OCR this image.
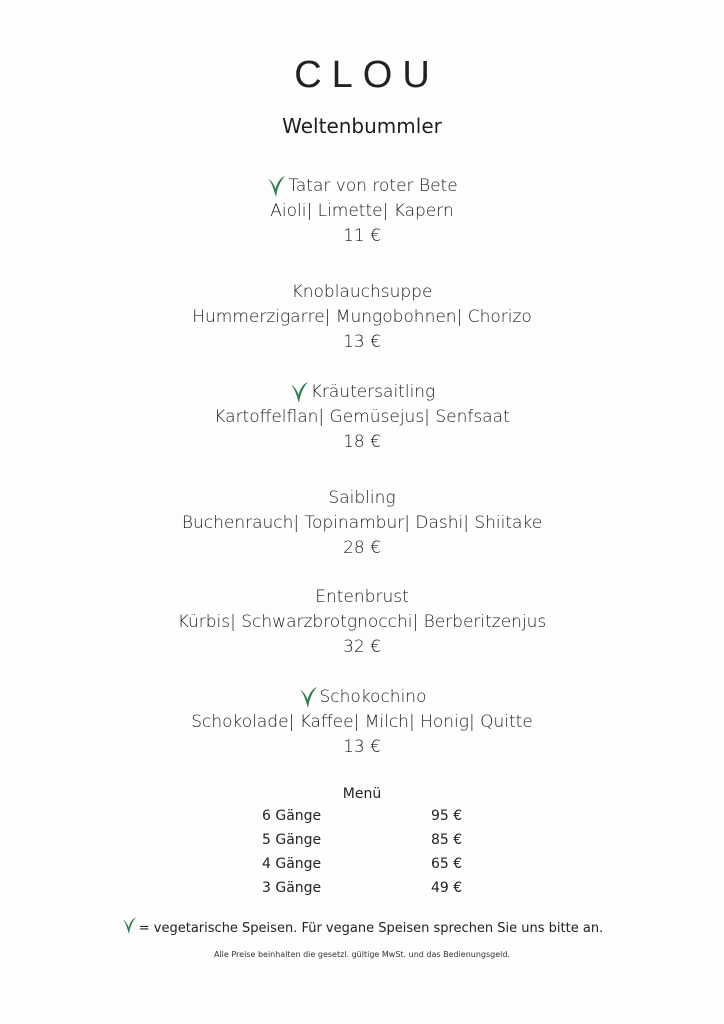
CLOU
Weltenbummler
Tatar von roter Bete
Aioli| Limette| Kapern
11 €
Knoblauchsuppe
Hummerzigarre| Mungobohnen| Chorizo
13 €
Kräutersaitling
Kartoffelflan| Gemüsejus| Senfsaat
18 €
Saibling
Buchenrauch| Topinambur| Dashi| Shiitake
28 €
Entenbrust
Kürbis| Schwarzbrotgnocchi| Berberitzenjus
32 €
Schokochino
Schokolade| Kaffee| Milch| Honig| Quitte
13 €
Menü
6 Gänge	95 €
5 Gänge	85 €
4 Gänge	65 €
3 Gänge	49 €
= vegetarische Speisen. Für vegane Speisen sprechen Sie uns bitte an.
Alle Preise beinhalten die gesetzl. gültige MwSt. und das Bedienungsgeld.
